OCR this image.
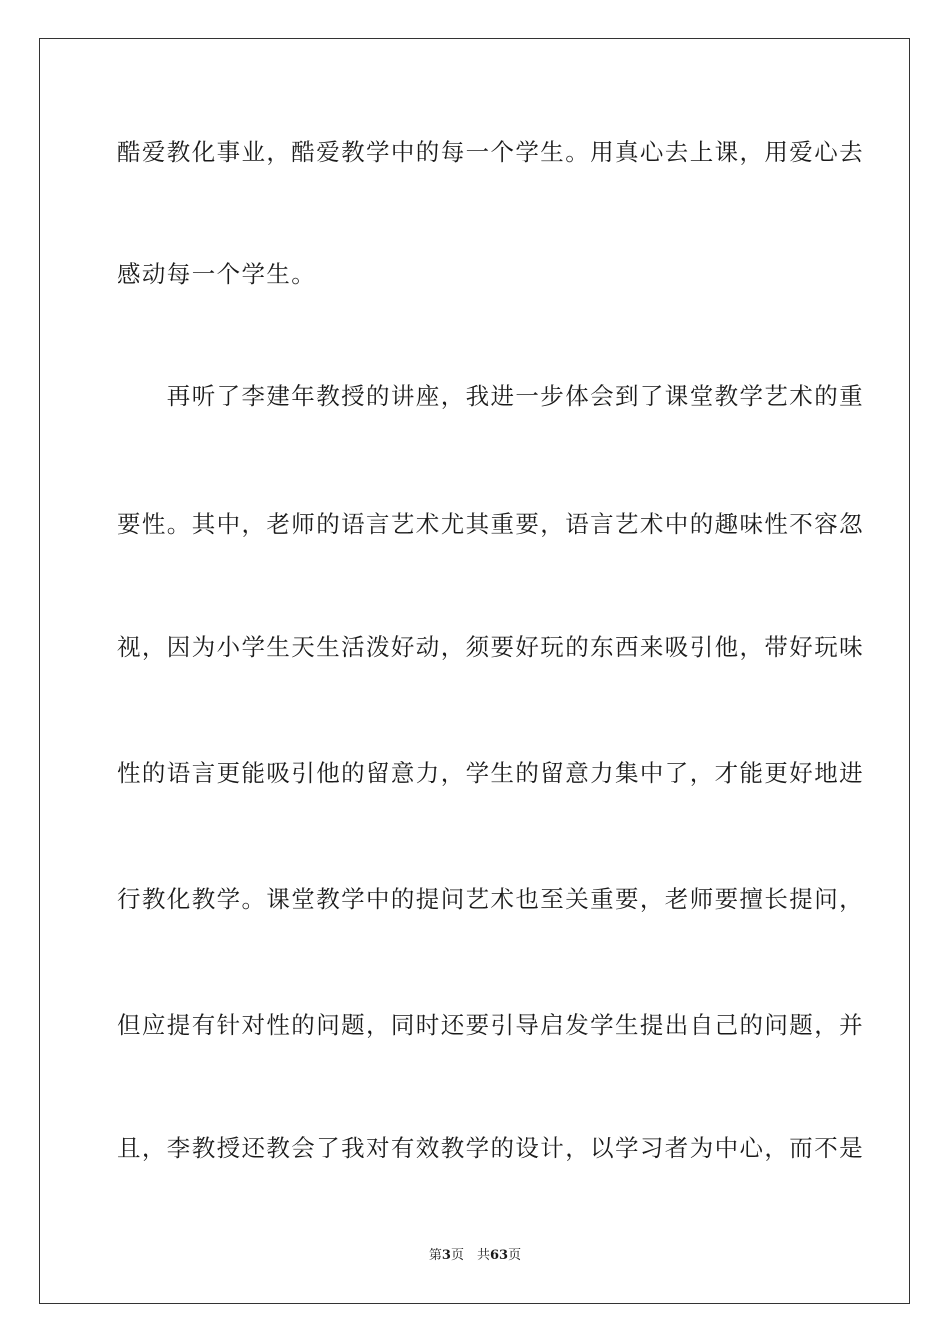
酷爱教化事业，酷爱教学中的每一个学生。用真心去上课，用爱心去
感动每一个学生。
　　再听了李建年教授的讲座，我进一步体会到了课堂教学艺术的重
要性。其中，老师的语言艺术尤其重要，语言艺术中的趣味性不容忽
视，因为小学生天生活泼好动，须要好玩的东西来吸引他，带好玩味
性的语言更能吸引他的留意力，学生的留意力集中了，才能更好地进
行教化教学。课堂教学中的提问艺术也至关重要，老师要擅长提问，
但应提有针对性的问题，同时还要引导启发学生提出自己的问题，并
且，李教授还教会了我对有效教学的设计，以学习者为中心，而不是
第3页　共63页
